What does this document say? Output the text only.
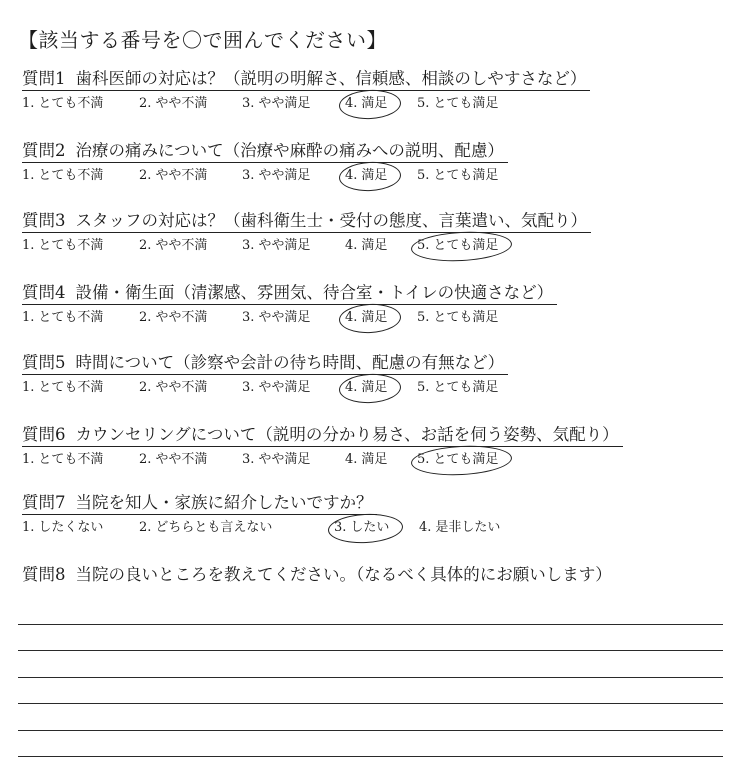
【該当する番号を〇で囲んでください】
質問1 歯科医師の対応は？（説明の明解さ、信頼感、相談のしやすさなど）
1. とても不満	2. やや不満	3. やや満足	4. 満足	5. とても満足
質問2 治療の痛みについて（治療や麻酔の痛みへの説明、配慮）
1. とても不満	2. やや不満	3. やや満足	4. 満足	5. とても満足
質問3 スタッフの対応は？（歯科衛生士・受付の態度、言葉遣い、気配り）
1. とても不満	2. やや不満	3. やや満足	4. 満足	5. とても満足
質問4 設備・衛生面（清潔感、雰囲気、待合室・トイレの快適さなど）
1. とても不満	2. やや不満	3. やや満足	4. 満足	5. とても満足
質問5 時間について（診察や会計の待ち時間、配慮の有無など）
1. とても不満	2. やや不満	3. やや満足	4. 満足	5. とても満足
質問6 カウンセリングについて（説明の分かり易さ、お話を伺う姿勢、気配り）
1. とても不満	2. やや不満	3. やや満足	4. 満足	5. とても満足
質問7 当院を知人・家族に紹介したいですか？
1. したくない	2. どちらとも言えない	3. したい	4. 是非したい
質問8 当院の良いところを教えてください。（なるべく具体的にお願いします）
